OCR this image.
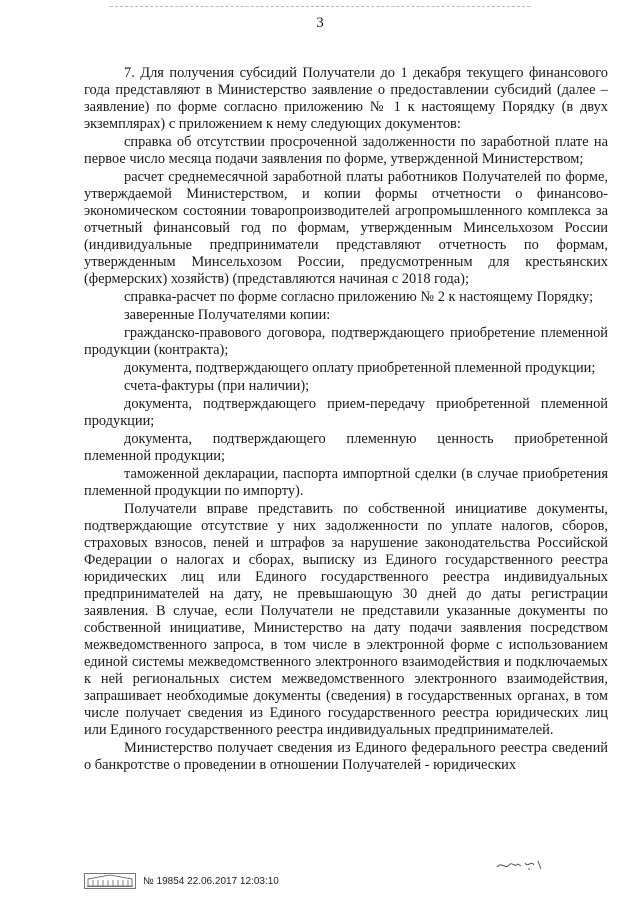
3

7. Для получения субсидий Получатели до 1 декабря текущего финансового года представляют в Министерство заявление о предоставлении субсидий (далее – заявление) по форме согласно приложению № 1 к настоящему Порядку (в двух экземплярах) с приложением к нему следующих документов:

справка об отсутствии просроченной задолженности по заработной плате на первое число месяца подачи заявления по форме, утвержденной Министерством;

расчет среднемесячной заработной платы работников Получателей по форме, утверждаемой Министерством, и копии формы отчетности о финансово-экономическом состоянии товаропроизводителей агропромышленного комплекса за отчетный финансовый год по формам, утвержденным Минсельхозом России (индивидуальные предприниматели представляют отчетность по формам, утвержденным Минсельхозом России, предусмотренным для крестьянских (фермерских) хозяйств) (представляются начиная с 2018 года);

справка-расчет по форме согласно приложению № 2 к настоящему Порядку;

заверенные Получателями копии:

гражданско-правового договора, подтверждающего приобретение племенной продукции (контракта);

документа, подтверждающего оплату приобретенной племенной продукции;

счета-фактуры (при наличии);

документа, подтверждающего прием-передачу приобретенной племенной продукции;

документа, подтверждающего племенную ценность приобретенной племенной продукции;

таможенной декларации, паспорта импортной сделки (в случае приобретения племенной продукции по импорту).

Получатели вправе представить по собственной инициативе документы, подтверждающие отсутствие у них задолженности по уплате налогов, сборов, страховых взносов, пеней и штрафов за нарушение законодательства Российской Федерации о налогах и сборах, выписку из Единого государственного реестра юридических лиц или Единого государственного реестра индивидуальных предпринимателей на дату, не превышающую 30 дней до даты регистрации заявления. В случае, если Получатели не представили указанные документы по собственной инициативе, Министерство на дату подачи заявления посредством межведомственного запроса, в том числе в электронной форме с использованием единой системы межведомственного электронного взаимодействия и подключаемых к ней региональных систем межведомственного электронного взаимодействия, запрашивает необходимые документы (сведения) в государственных органах, в том числе получает сведения из Единого государственного реестра юридических лиц или Единого государственного реестра индивидуальных предпринимателей.

Министерство получает сведения из Единого федерального реестра сведений о банкротстве о проведении в отношении Получателей - юридических

№ 19854 22.06.2017 12:03:10
